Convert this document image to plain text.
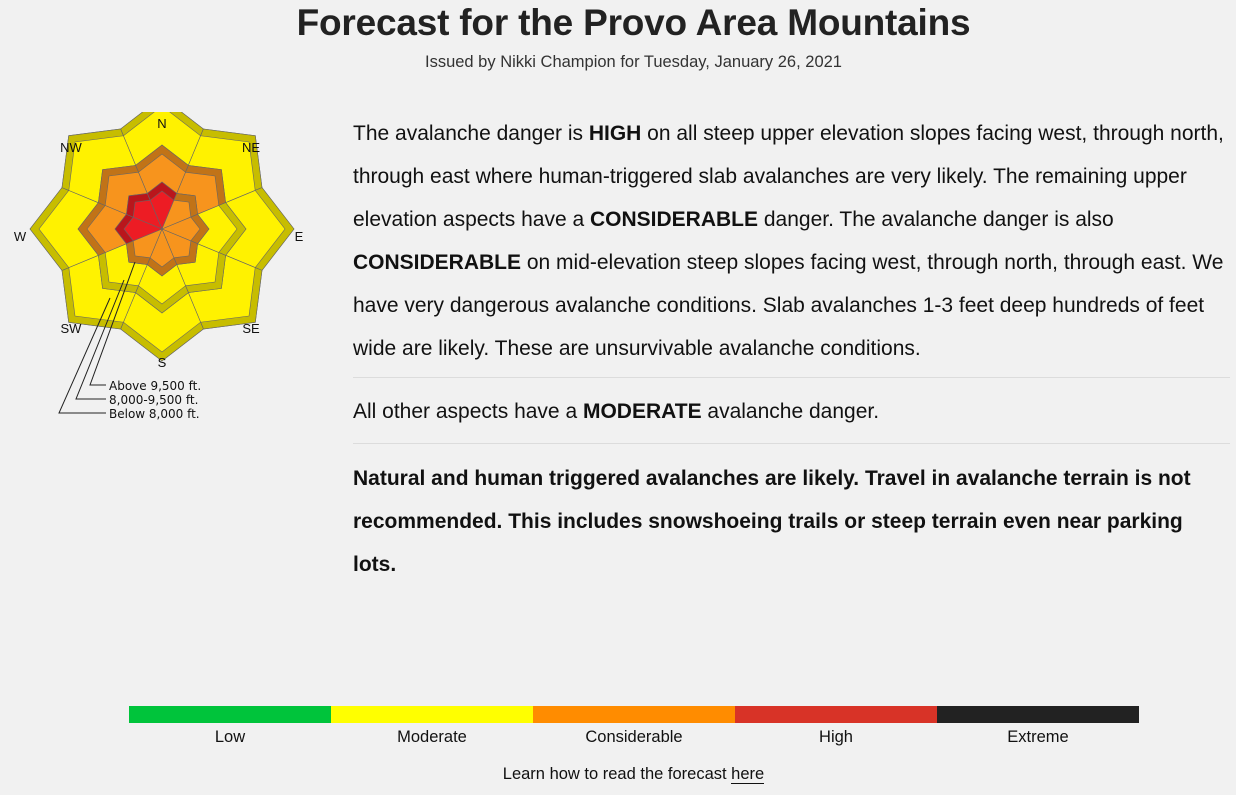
Forecast for the Provo Area Mountains
Issued by Nikki Champion for Tuesday, January 26, 2021
N
NE
E
SE
S
SW
W
NW
Above 9,500 ft.
8,000-9,500 ft.
Below 8,000 ft.

The avalanche danger is HIGH on all steep upper elevation slopes facing west, through north, through east where human-triggered slab avalanches are very likely. The remaining upper elevation aspects have a CONSIDERABLE danger. The avalanche danger is also CONSIDERABLE on mid-elevation steep slopes facing west, through north, through east. We have very dangerous avalanche conditions. Slab avalanches 1-3 feet deep hundreds of feet wide are likely. These are unsurvivable avalanche conditions.

All other aspects have a MODERATE avalanche danger.

Natural and human triggered avalanches are likely. Travel in avalanche terrain is not recommended. This includes snowshoeing trails or steep terrain even near parking lots.

Low	Moderate	Considerable	High	Extreme
Learn how to read the forecast here
